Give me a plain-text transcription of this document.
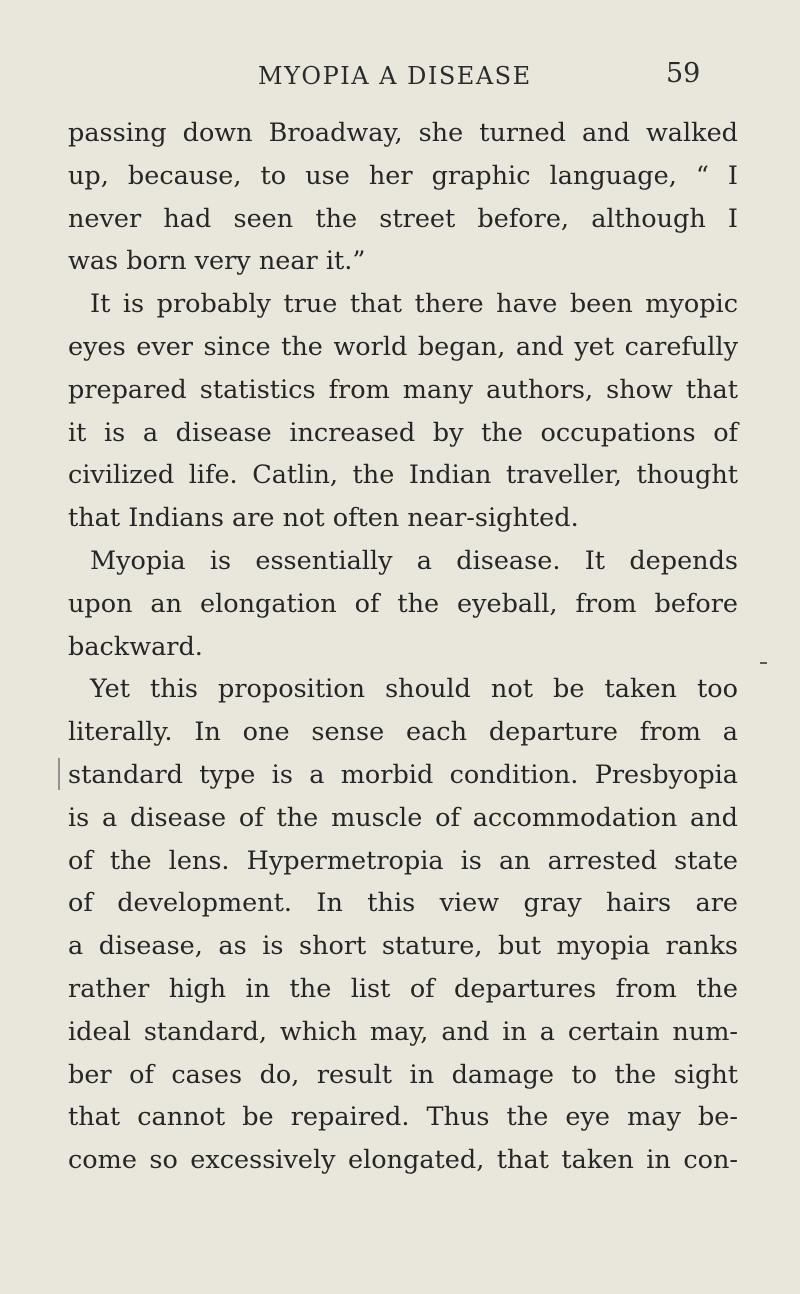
MYOPIA A DISEASE	59
passing down Broadway, she turned and walked
up, because, to use her graphic language, “ I
never had seen the street before, although I
was born very near it.”
It is probably true that there have been myopic
eyes ever since the world began, and yet carefully
prepared statistics from many authors, show that
it is a disease increased by the occupations of
civilized life. Catlin, the Indian traveller, thought
that Indians are not often near-sighted.
Myopia is essentially a disease. It depends
upon an elongation of the eyeball, from before
backward.
Yet this proposition should not be taken too
literally. In one sense each departure from a
standard type is a morbid condition. Presbyopia
is a disease of the muscle of accommodation and
of the lens. Hypermetropia is an arrested state
of development. In this view gray hairs are
a disease, as is short stature, but myopia ranks
rather high in the list of departures from the
ideal standard, which may, and in a certain num-
ber of cases do, result in damage to the sight
that cannot be repaired. Thus the eye may be-
come so excessively elongated, that taken in con-
